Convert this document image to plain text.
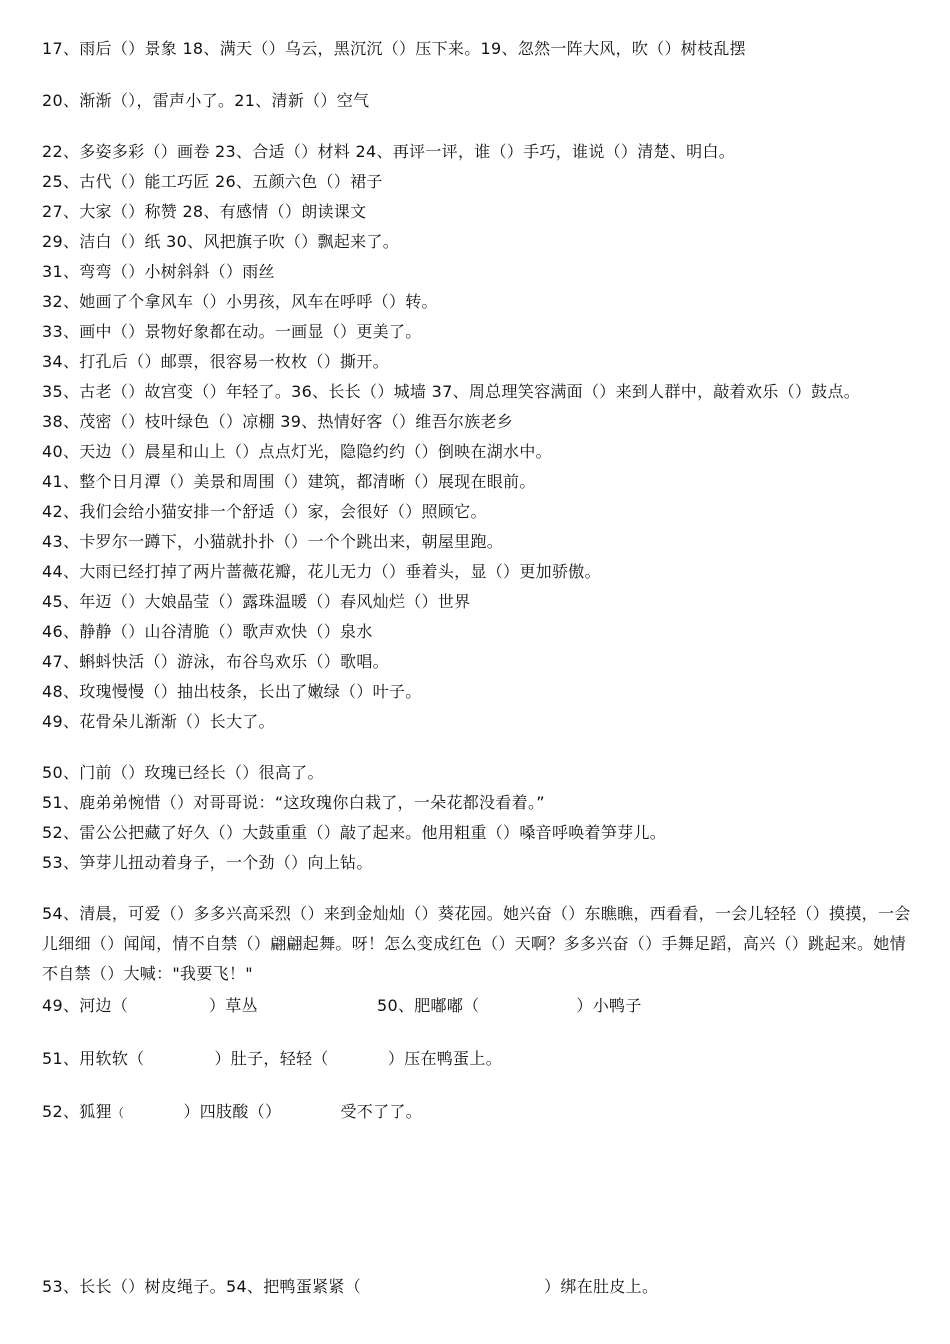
17、雨后（）景象 18、满天（）乌云，黑沉沉（）压下来。19、忽然一阵大风，吹（）树枝乱摆
20、渐渐（），雷声小了。21、清新（）空气
22、多姿多彩（）画卷 23、合适（）材料 24、再评一评，谁（）手巧，谁说（）清楚、明白。
25、古代（）能工巧匠 26、五颜六色（）裙子
27、大家（）称赞 28、有感情（）朗读课文
29、洁白（）纸 30、风把旗子吹（）飘起来了。
31、弯弯（）小树斜斜（）雨丝
32、她画了个拿风车（）小男孩，风车在呼呼（）转。
33、画中（）景物好象都在动。一画显（）更美了。
34、打孔后（）邮票，很容易一枚枚（）撕开。
35、古老（）故宫变（）年轻了。36、长长（）城墙 37、周总理笑容满面（）来到人群中，敲着欢乐（）鼓点。
38、茂密（）枝叶绿色（）凉棚 39、热情好客（）维吾尔族老乡
40、天边（）晨星和山上（）点点灯光，隐隐约约（）倒映在湖水中。
41、整个日月潭（）美景和周围（）建筑，都清晰（）展现在眼前。
42、我们会给小猫安排一个舒适（）家，会很好（）照顾它。
43、卡罗尔一蹲下，小猫就扑扑（）一个个跳出来，朝屋里跑。
44、大雨已经打掉了两片蔷薇花瓣，花儿无力（）垂着头，显（）更加骄傲。
45、年迈（）大娘晶莹（）露珠温暖（）春风灿烂（）世界
46、静静（）山谷清脆（）歌声欢快（）泉水
47、蝌蚪快活（）游泳，布谷鸟欢乐（）歌唱。
48、玫瑰慢慢（）抽出枝条，长出了嫩绿（）叶子。
49、花骨朵儿渐渐（）长大了。
50、门前（）玫瑰已经长（）很高了。
51、鹿弟弟惋惜（）对哥哥说：“这玫瑰你白栽了，一朵花都没看着。”
52、雷公公把藏了好久（）大鼓重重（）敲了起来。他用粗重（）嗓音呼唤着笋芽儿。
53、笋芽儿扭动着身子，一个劲（）向上钻。
54、清晨，可爱（）多多兴高采烈（）来到金灿灿（）葵花园。她兴奋（）东瞧瞧，西看看，一会儿轻轻（）摸摸，一会儿细细（）闻闻，情不自禁（）翩翩起舞。呀！怎么变成红色（）天啊？多多兴奋（）手舞足蹈，高兴（）跳起来。她情不自禁（）大喊："我要飞！"
49、河边（	）草丛	50、肥嘟嘟（	）小鸭子
51、用软软（	）肚子，轻轻（	）压在鸭蛋上。
52、狐狸（	）四肢酸（）	受不了了。
53、长长（）树皮绳子。54、把鸭蛋紧紧（	）绑在肚皮上。
